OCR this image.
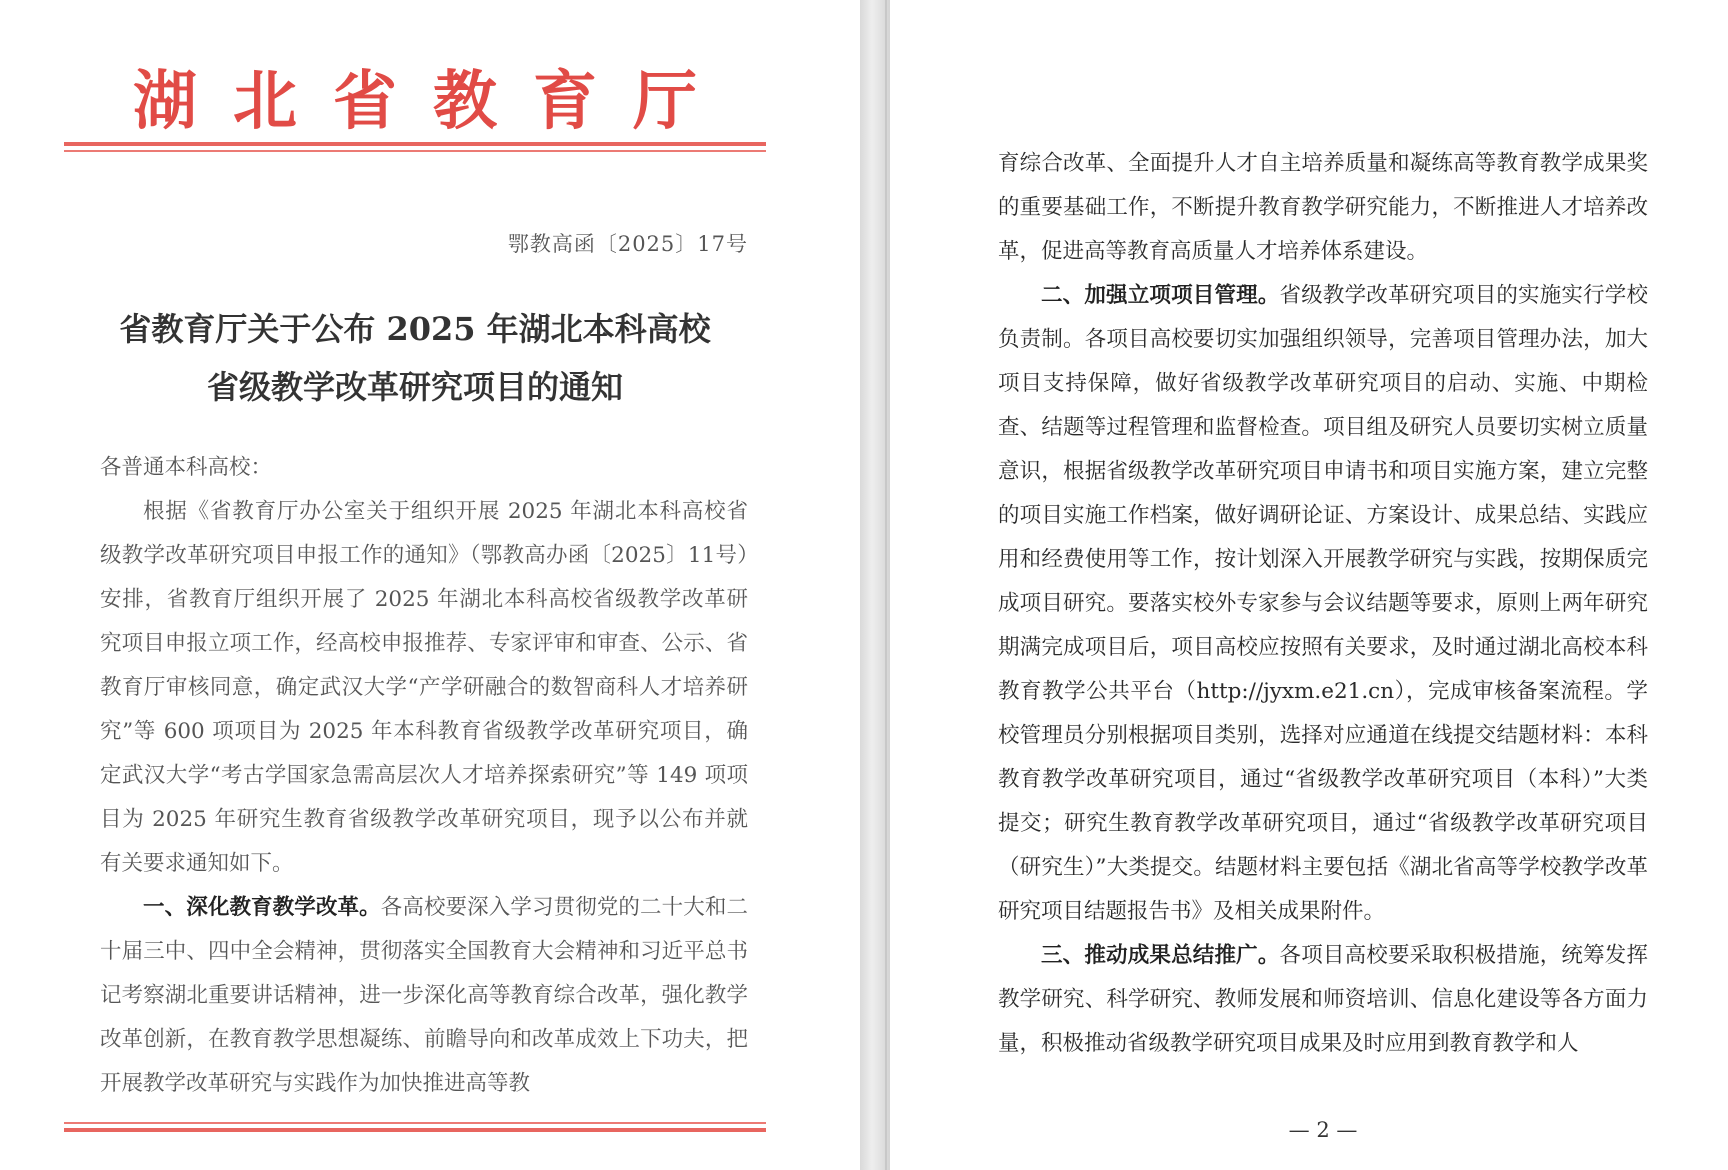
湖北省教育厅
鄂教高函〔2025〕17号
省教育厅关于公布 2025 年湖北本科高校
省级教学改革研究项目的通知

各普通本科高校：

根据《省教育厅办公室关于组织开展 2025 年湖北本科高校省级教学改革研究项目申报工作的通知》（鄂教高办函〔2025〕11号）安排，省教育厅组织开展了 2025 年湖北本科高校省级教学改革研究项目申报立项工作，经高校申报推荐、专家评审和审查、公示、省教育厅审核同意，确定武汉大学“产学研融合的数智商科人才培养研究”等 600 项项目为 2025 年本科教育省级教学改革研究项目，确定武汉大学“考古学国家急需高层次人才培养探索研究”等 149 项项目为 2025 年研究生教育省级教学改革研究项目，现予以公布并就有关要求通知如下。

一、深化教育教学改革。各高校要深入学习贯彻党的二十大和二十届三中、四中全会精神，贯彻落实全国教育大会精神和习近平总书记考察湖北重要讲话精神，进一步深化高等教育综合改革，强化教学改革创新，在教育教学思想凝练、前瞻导向和改革成效上下功夫，把开展教学改革研究与实践作为加快推进高等教

育综合改革、全面提升人才自主培养质量和凝练高等教育教学成果奖的重要基础工作，不断提升教育教学研究能力，不断推进人才培养改革，促进高等教育高质量人才培养体系建设。

二、加强立项项目管理。省级教学改革研究项目的实施实行学校负责制。各项目高校要切实加强组织领导，完善项目管理办法，加大项目支持保障，做好省级教学改革研究项目的启动、实施、中期检查、结题等过程管理和监督检查。项目组及研究人员要切实树立质量意识，根据省级教学改革研究项目申请书和项目实施方案，建立完整的项目实施工作档案，做好调研论证、方案设计、成果总结、实践应用和经费使用等工作，按计划深入开展教学研究与实践，按期保质完成项目研究。要落实校外专家参与会议结题等要求，原则上两年研究期满完成项目后，项目高校应按照有关要求，及时通过湖北高校本科教育教学公共平台（http://jyxm.e21.cn），完成审核备案流程。学校管理员分别根据项目类别，选择对应通道在线提交结题材料：本科教育教学改革研究项目，通过“省级教学改革研究项目（本科）”大类提交；研究生教育教学改革研究项目，通过“省级教学改革研究项目（研究生）”大类提交。结题材料主要包括《湖北省高等学校教学改革研究项目结题报告书》及相关成果附件。

三、推动成果总结推广。各项目高校要采取积极措施，统筹发挥教学研究、科学研究、教师发展和师资培训、信息化建设等各方面力量，积极推动省级教学研究项目成果及时应用到教育教学和人

— 2 —
